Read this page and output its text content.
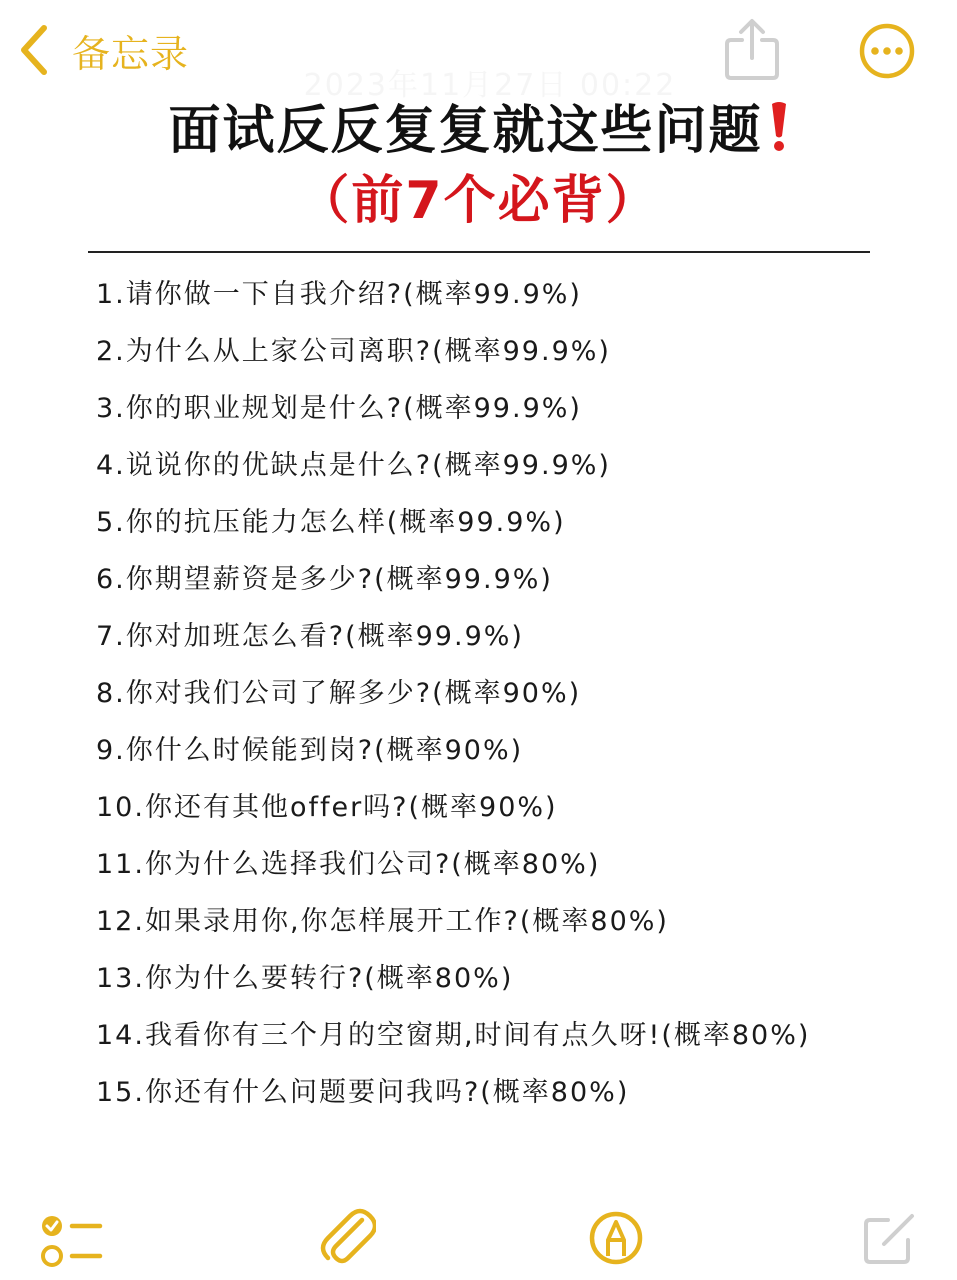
备忘录
2023年11月27日 00:22
面试反反复复就这些问题
（前7个必背）
1.请你做一下自我介绍?(概率99.9%)
2.为什么从上家公司离职?(概率99.9%)
3.你的职业规划是什么?(概率99.9%)
4.说说你的优缺点是什么?(概率99.9%)
5.你的抗压能力怎么样(概率99.9%)
6.你期望薪资是多少?(概率99.9%)
7.你对加班怎么看?(概率99.9%)
8.你对我们公司了解多少?(概率90%)
9.你什么时候能到岗?(概率90%)
10.你还有其他offer吗?(概率90%)
11.你为什么选择我们公司?(概率80%)
12.如果录用你,你怎样展开工作?(概率80%)
13.你为什么要转行?(概率80%)
14.我看你有三个月的空窗期,时间有点久呀!(概率80%)
15.你还有什么问题要问我吗?(概率80%)
